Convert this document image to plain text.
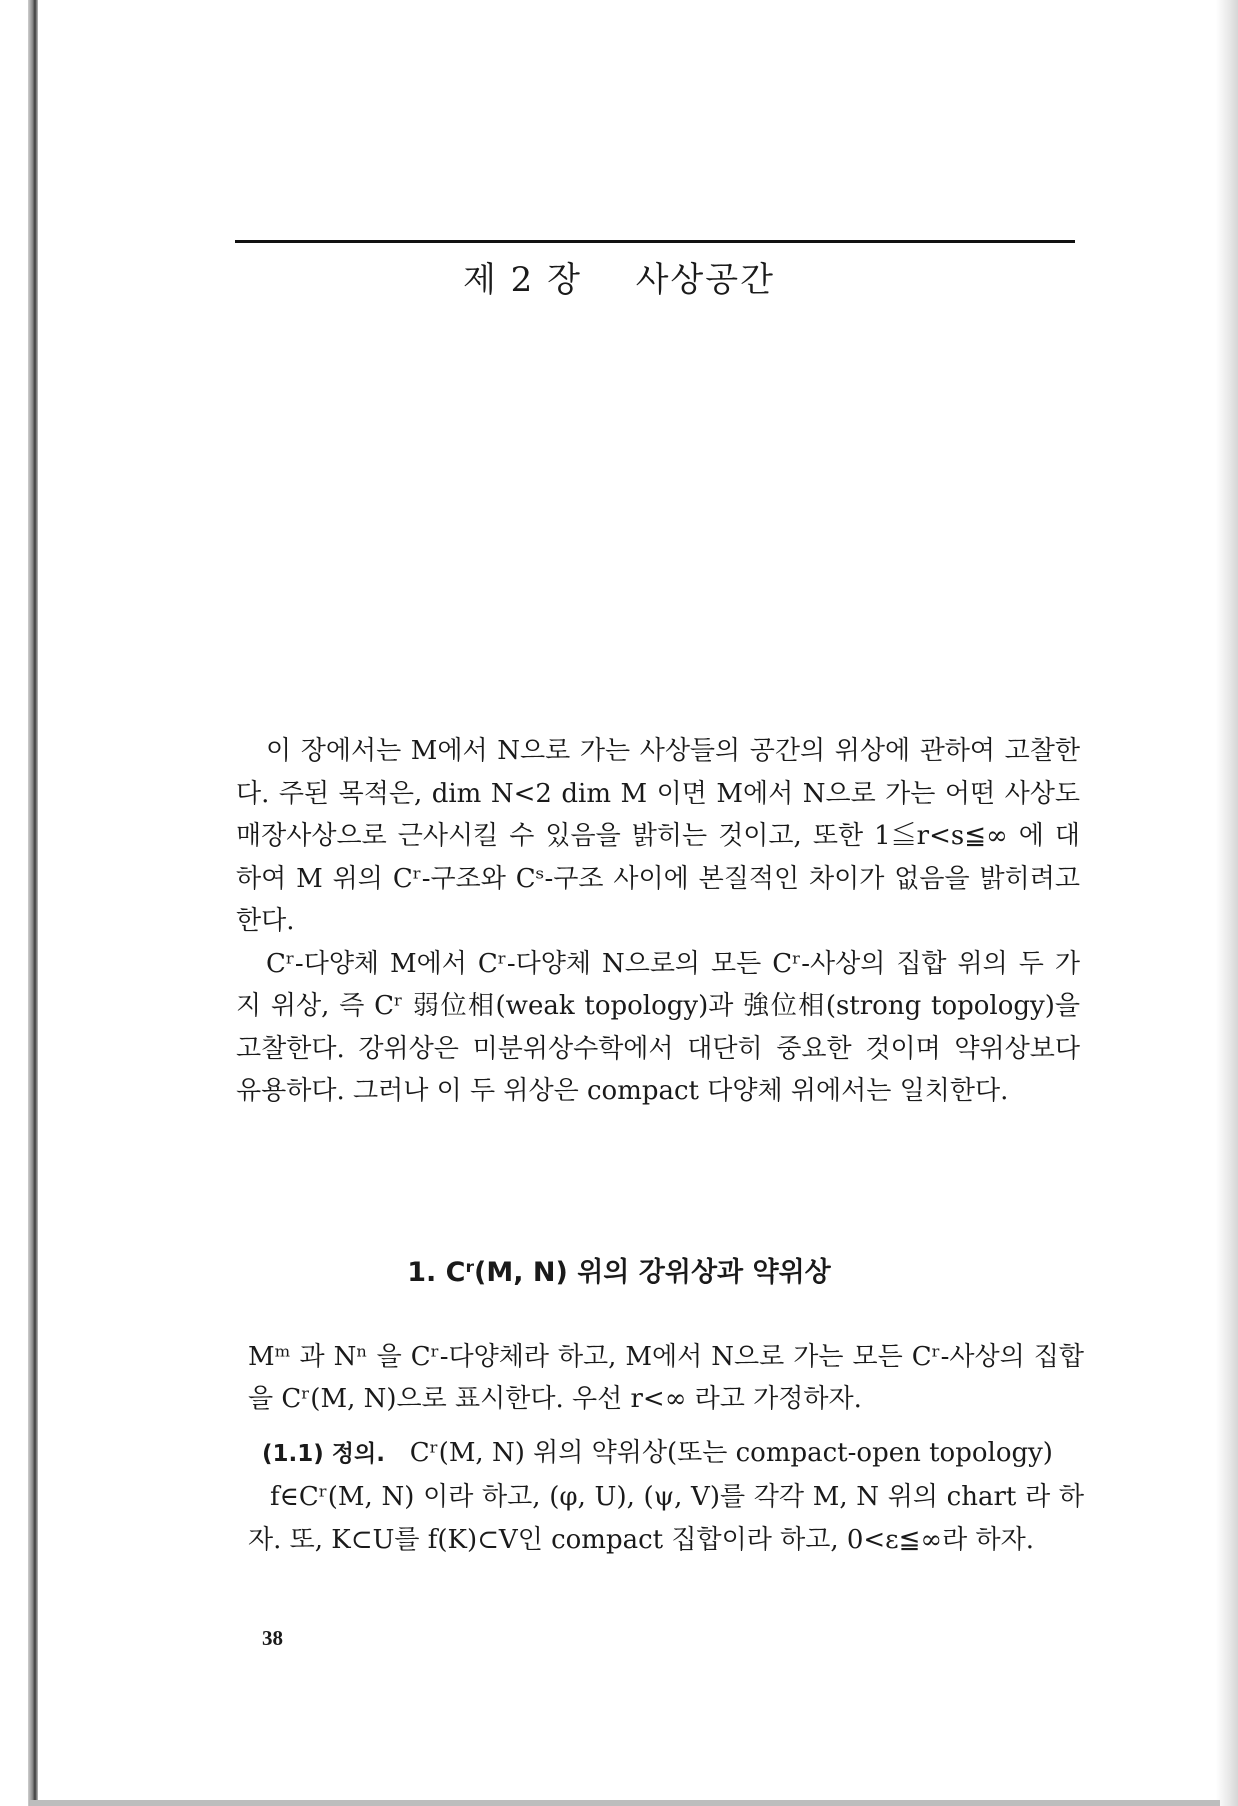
제 2 장 사상공간

이 장에서는 M에서 N으로 가는 사상들의 공간의 위상에 관하여 고찰한다. 주된 목적은, dim N<2 dim M 이면 M에서 N으로 가는 어떤 사상도 매장사상으로 근사시킬 수 있음을 밝히는 것이고, 또한 1≦r<s≦∞ 에 대하여 M 위의 Cʳ-구조와 Cˢ-구조 사이에 본질적인 차이가 없음을 밝히려고 한다.

Cʳ-다양체 M에서 Cʳ-다양체 N으로의 모든 Cʳ-사상의 집합 위의 두 가지 위상, 즉 Cʳ 弱位相(weak topology)과 強位相(strong topology)을 고찰한다. 강위상은 미분위상수학에서 대단히 중요한 것이며 약위상보다 유용하다. 그러나 이 두 위상은 compact 다양체 위에서는 일치한다.

1. Cʳ(M, N) 위의 강위상과 약위상
Mᵐ 과 Nⁿ 을 Cʳ-다양체라 하고, M에서 N으로 가는 모든 Cʳ-사상의 집합을 Cʳ(M, N)으로 표시한다. 우선 r<∞ 라고 가정하자.

(1.1) 정의. Cʳ(M, N) 위의 약위상(또는 compact-open topology)

f∈Cʳ(M, N) 이라 하고, (φ, U), (ψ, V)를 각각 M, N 위의 chart 라 하자. 또, K⊂U를 f(K)⊂V인 compact 집합이라 하고, 0<ε≦∞라 하자.

38
